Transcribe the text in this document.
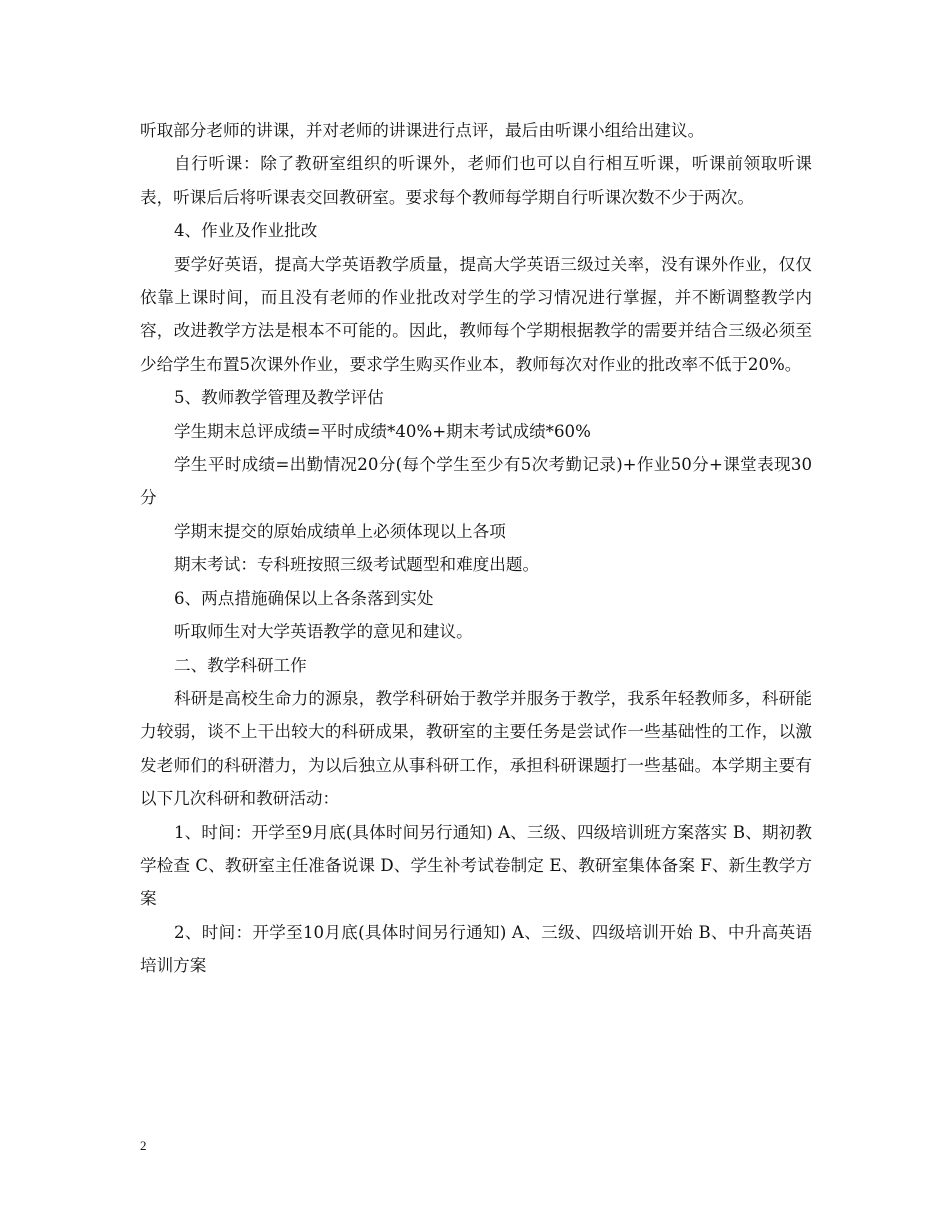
听取部分老师的讲课，并对老师的讲课进行点评，最后由听课小组给出建议。

自行听课：除了教研室组织的听课外，老师们也可以自行相互听课，听课前领取听课表，听课后后将听课表交回教研室。要求每个教师每学期自行听课次数不少于两次。

4、作业及作业批改

要学好英语，提高大学英语教学质量，提高大学英语三级过关率，没有课外作业，仅仅依靠上课时间，而且没有老师的作业批改对学生的学习情况进行掌握，并不断调整教学内容，改进教学方法是根本不可能的。因此，教师每个学期根据教学的需要并结合三级必须至少给学生布置5次课外作业，要求学生购买作业本，教师每次对作业的批改率不低于20%。

5、教师教学管理及教学评估

学生期末总评成绩=平时成绩*40%+期末考试成绩*60%

学生平时成绩=出勤情况20分(每个学生至少有5次考勤记录)+作业50分+课堂表现30分

学期末提交的原始成绩单上必须体现以上各项

期末考试：专科班按照三级考试题型和难度出题。

6、两点措施确保以上各条落到实处

听取师生对大学英语教学的意见和建议。

二、教学科研工作

科研是高校生命力的源泉，教学科研始于教学并服务于教学，我系年轻教师多，科研能力较弱，谈不上干出较大的科研成果，教研室的主要任务是尝试作一些基础性的工作，以激发老师们的科研潜力，为以后独立从事科研工作，承担科研课题打一些基础。本学期主要有以下几次科研和教研活动：

1、时间：开学至9月底(具体时间另行通知) A、三级、四级培训班方案落实 B、期初教学检查 C、教研室主任准备说课 D、学生补考试卷制定 E、教研室集体备案 F、新生教学方案

2、时间：开学至10月底(具体时间另行通知) A、三级、四级培训开始 B、中升高英语培训方案

2
